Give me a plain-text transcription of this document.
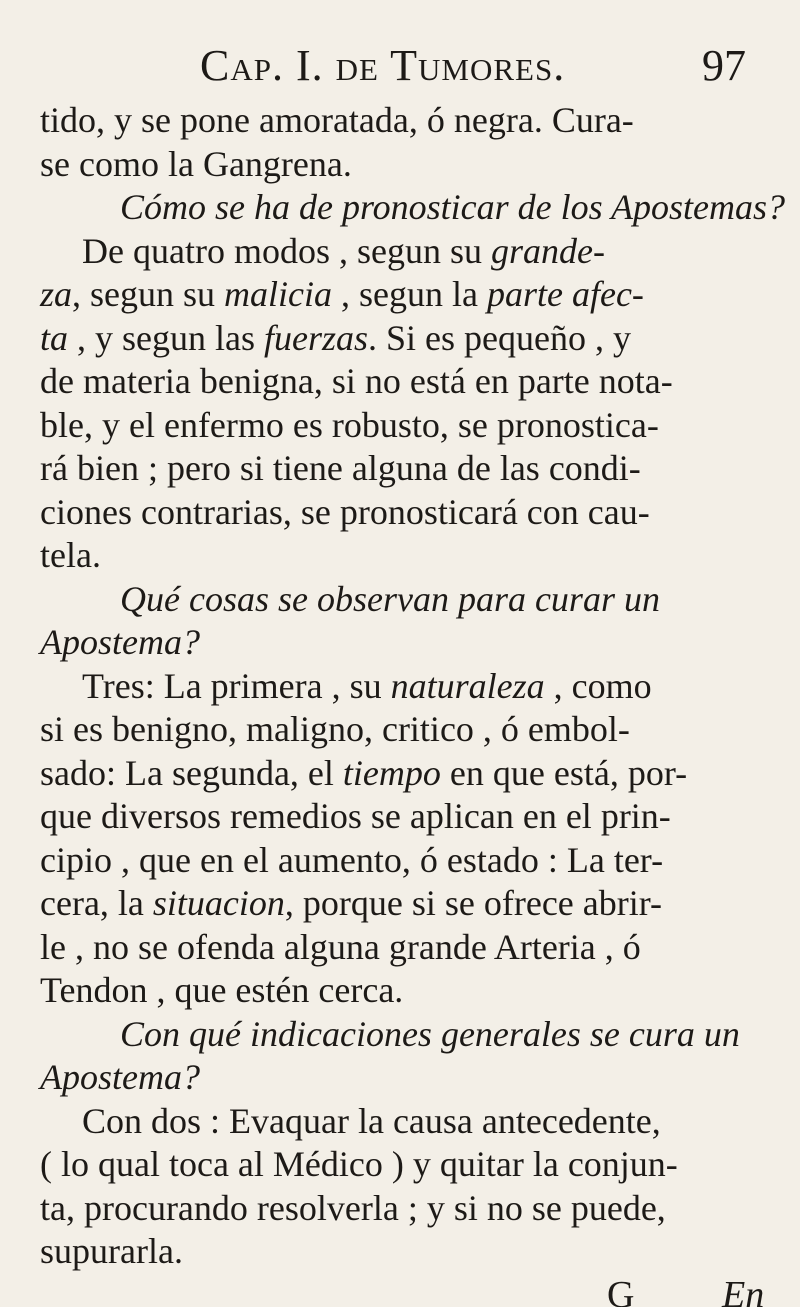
Cap. I. de Tumores.	97
tido, y se pone amoratada, ó negra. Cura-
se como la Gangrena.
Cómo se ha de pronosticar de los Apostemas?
De quatro modos , segun su grande-
za, segun su malicia , segun la parte afec-
ta , y segun las fuerzas. Si es pequeño , y
de materia benigna, si no está en parte nota-
ble, y el enfermo es robusto, se pronostica-
rá bien ; pero si tiene alguna de las condi-
ciones contrarias, se pronosticará con cau-
tela.
Qué cosas se observan para curar un
Apostema?
Tres: La primera , su naturaleza , como
si es benigno, maligno, critico , ó embol-
sado: La segunda, el tiempo en que está, por-
que diversos remedios se aplican en el prin-
cipio , que en el aumento, ó estado : La ter-
cera, la situacion, porque si se ofrece abrir-
le , no se ofenda alguna grande Arteria , ó
Tendon , que estén cerca.
Con qué indicaciones generales se cura un
Apostema?
Con dos : Evaquar la causa antecedente,
( lo qual toca al Médico ) y quitar la conjun-
ta, procurando resolverla ; y si no se puede,
supurarla.
G En
